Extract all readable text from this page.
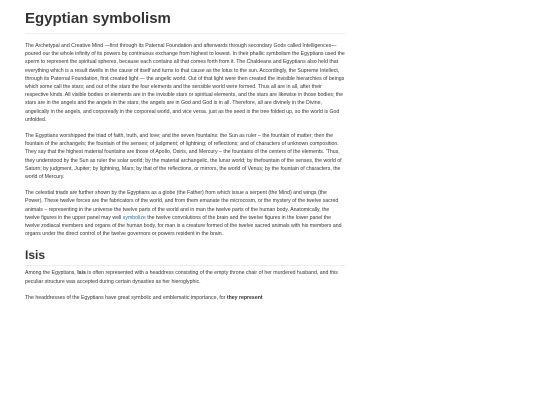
Egyptian symbolism

The Archetypal and Creative Mind —first through its Paternal Foundation and afterwards through secondary Gods called Intelligences— poured our the whole infinity of its powers by continuous exchange from highest to lowest. In their phallic symbolism the Egyptians used the sperm to represent the spiritual spheres, because each contains all that comes forth from it. The Chaldeans and Egyptians also held that everything which is a result dwells in the cause of itself and turns to that cause as the lotus to the sun. Accordingly, the Supreme Intellect, through its Paternal Foundation, first created light — the angelic world. Out of that light were then created the invisible hierarchies of beings which some call the stars; and out of the stars the four elements and the sensible world were formed. Thus all are in all, after their respective kinds. All visible bodies or elements are in the invisible stars or spiritual elements, and the stars are likewise in those bodies; the stars are in the angels and the angels in the stars; the angels are in God and God is in all. Therefore, all are divinely in the Divine, angelically in the angels, and corporeally in the corporeal world, and vice versa. just as the seed is the tree folded up, so the world is God unfolded.

The Egyptians worshipped the triad of faith, truth, and love; and the seven fountains: the Sun as ruler – the fountain of matter; then the fountain of the archangels; the fountain of the senses; of judgment; of lightning; of reflections; and of characters of unknown composition. They say that the highest material fountains are those of Apollo, Osiris, and Mercury – the fountains of the centers of the elements. 'Thus, they understood by the Sun as ruler the solar world; by the material archangelic, the lunar world; by thefountain of the senses, the world of Saturn; by judgment, Jupiter; by lightning, Mars; by that of the reflections, or mirrors, the world of Venus; by the fountain of characters, the world of Mercury.

The celestial triads are further shown by the Egyptians as a globe (the Father) from which issue a serpent (the Mind) and wings (the Power). These twelve forces are the fabricators of the world, and from them emanate the microcosm, or the mystery of the twelve sacred animals – representing in the universe the twelve parts of the world and in man the twelve parts of the human body. Anatomically, the twelve figures in the upper panel may well symbolize the twelve convolutions of the brain and the twelve figures in the lower panel the twelve zodiacal members and organs of the human body, for man is a creature formed of the twelve sacred animals with his members and organs under the direct control of the twelve governors or powers resident in the brain.

Isis

Among the Egyptians, Isis is often represented with a headdress consisting of the empty throne chair of her murdered husband, and this peculiar structure was accepted during certain dynasties as her hieroglyphic.

The headdresses of the Egyptians have great symbolic and emblematic importance, for they represent
